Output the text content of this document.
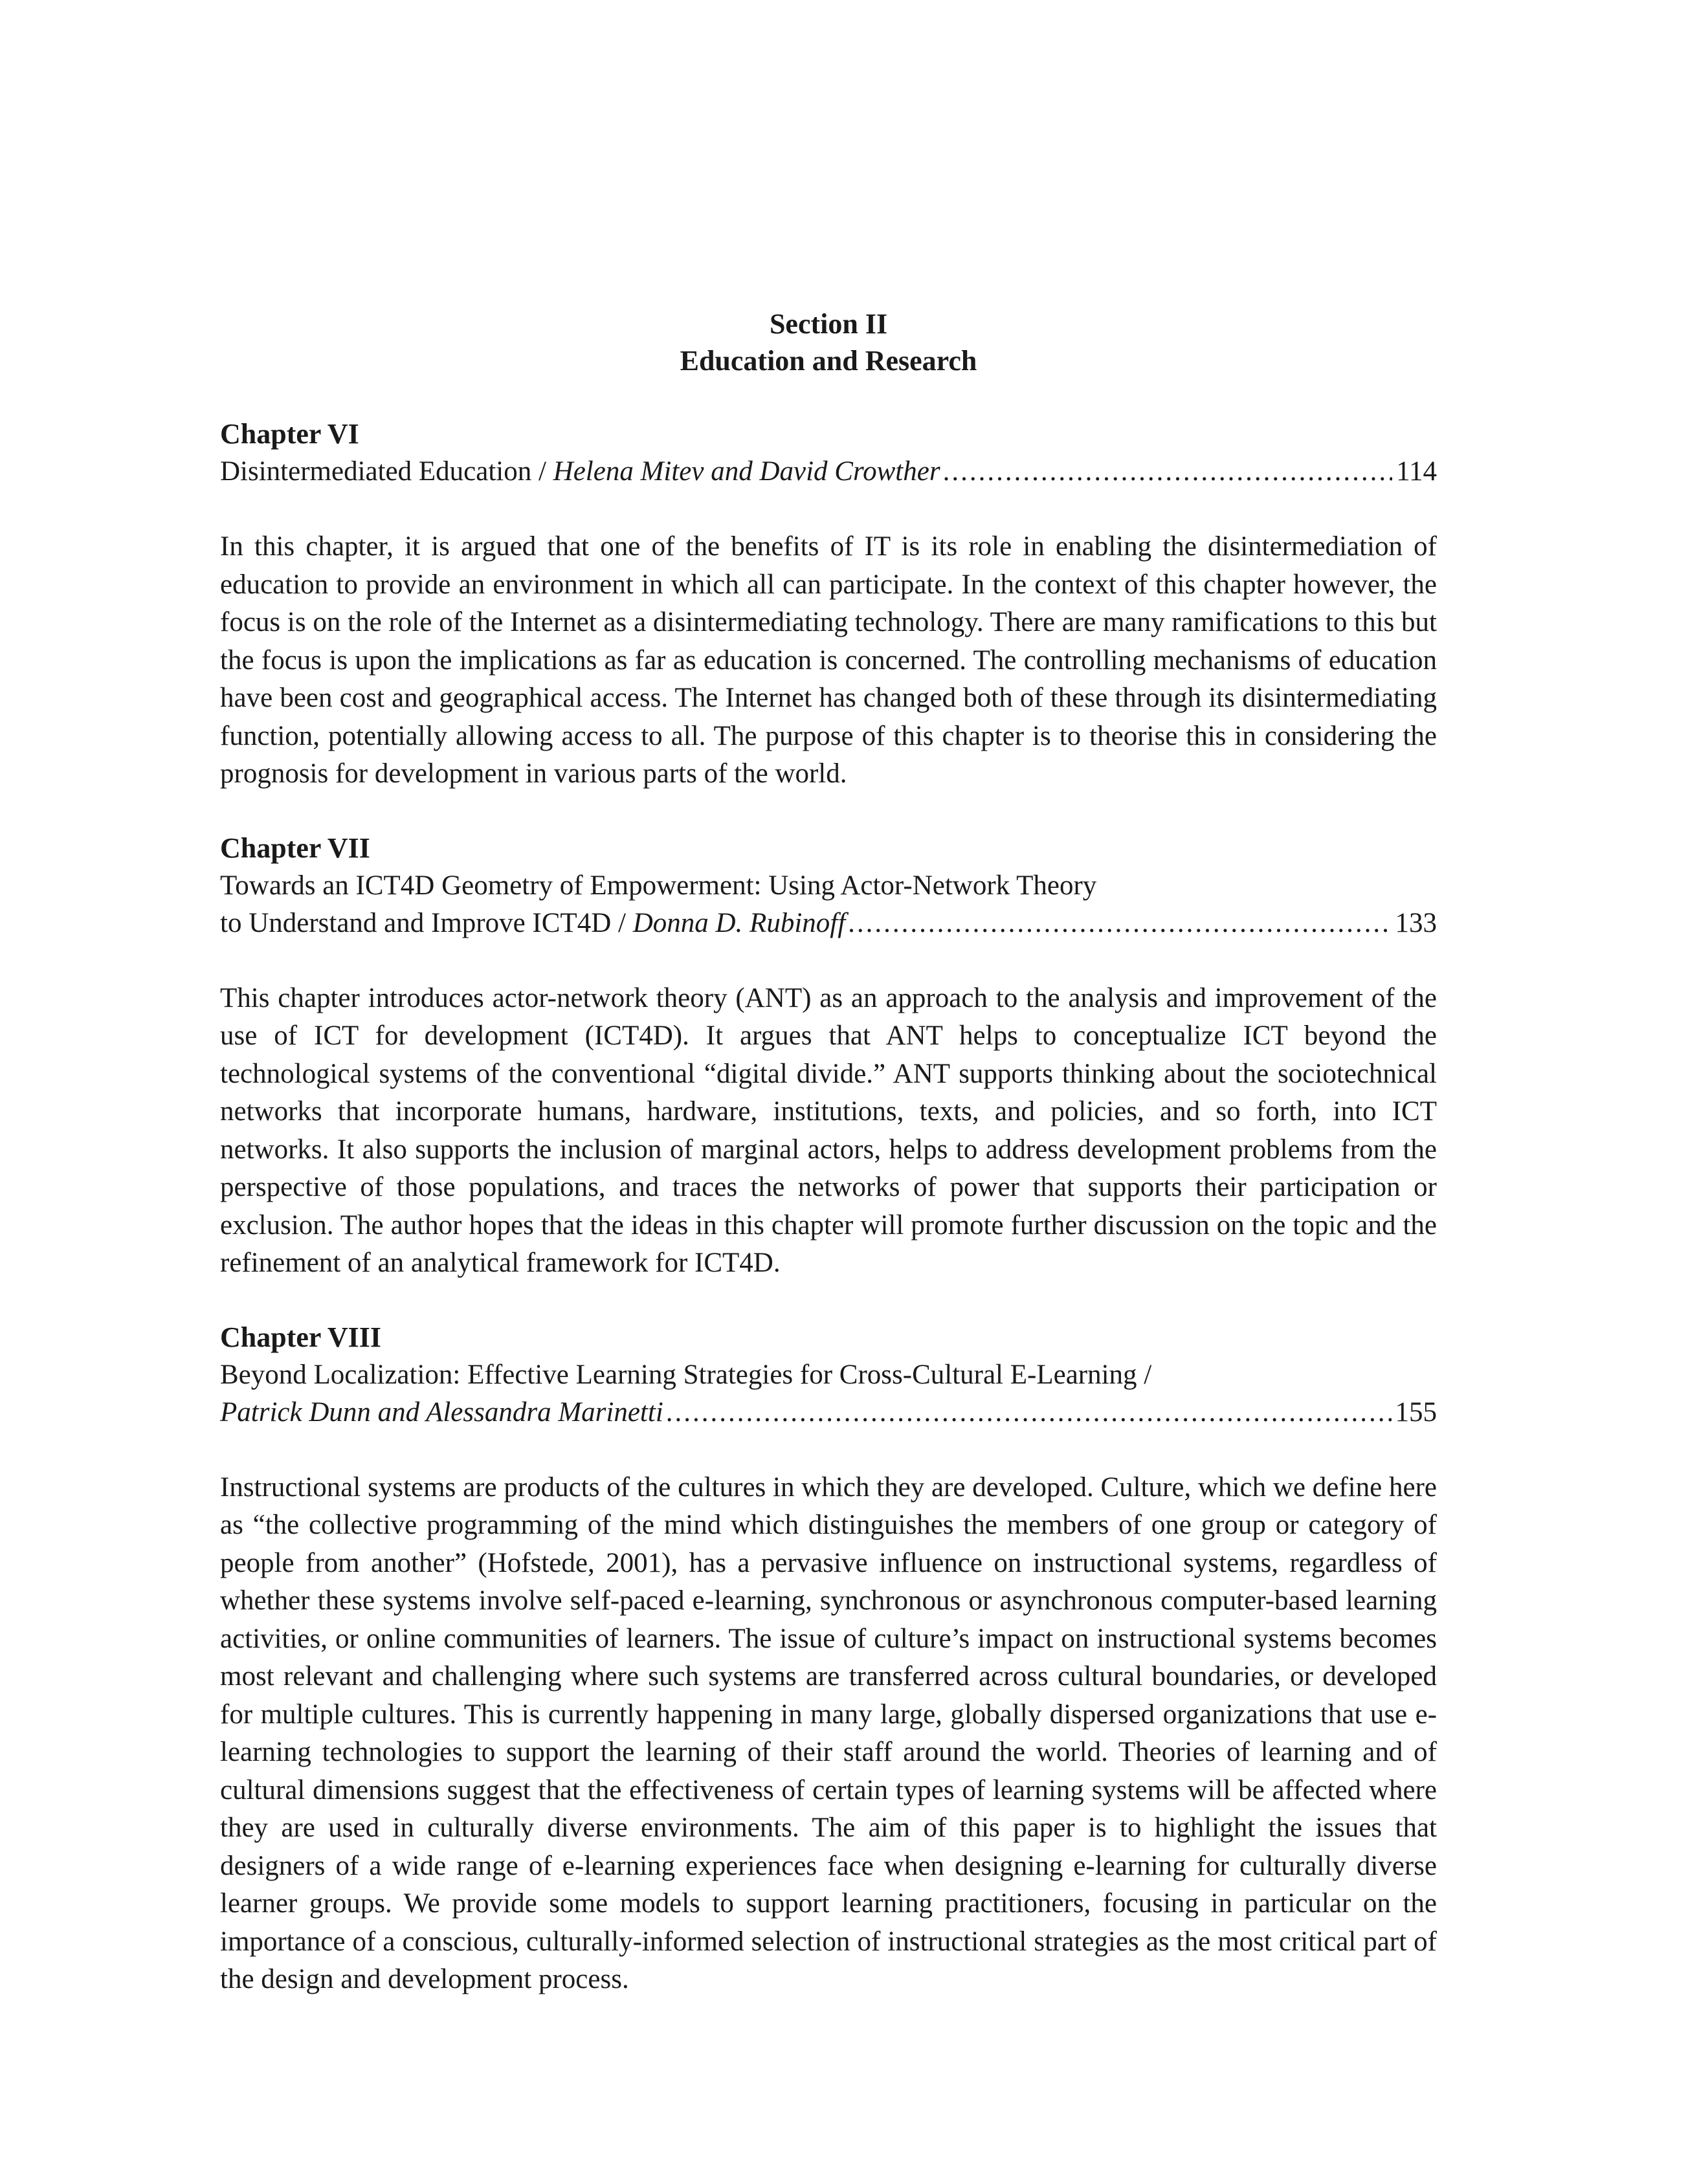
Section II
Education and Research
Chapter VI
Disintermediated Education / Helena Mitev and David Crowther .....	114

In this chapter, it is argued that one of the benefits of IT is its role in enabling the disintermediation of education to provide an environment in which all can participate. In the context of this chapter however, the focus is on the role of the Internet as a disintermediating technology. There are many ramifications to this but the focus is upon the implications as far as education is concerned. The controlling mechanisms of education have been cost and geographical access. The Internet has changed both of these through its disintermediating function, potentially allowing access to all. The purpose of this chapter is to theorise this in considering the prognosis for development in various parts of the world.

Chapter VII
Towards an ICT4D Geometry of Empowerment: Using Actor-Network Theory
to Understand and Improve ICT4D / Donna D. Rubinoff .....	133

This chapter introduces actor-network theory (ANT) as an approach to the analysis and improvement of the use of ICT for development (ICT4D). It argues that ANT helps to conceptualize ICT beyond the technological systems of the conventional “digital divide.” ANT supports thinking about the sociotechnical networks that incorporate humans, hardware, institutions, texts, and policies, and so forth, into ICT networks. It also supports the inclusion of marginal actors, helps to address development problems from the perspective of those populations, and traces the networks of power that supports their participation or exclusion. The author hopes that the ideas in this chapter will promote further discussion on the topic and the refinement of an analytical framework for ICT4D.

Chapter VIII
Beyond Localization: Effective Learning Strategies for Cross-Cultural E-Learning /
Patrick Dunn and Alessandra Marinetti .....	155

Instructional systems are products of the cultures in which they are developed. Culture, which we define here as “the collective programming of the mind which distinguishes the members of one group or category of people from another” (Hofstede, 2001), has a pervasive influence on instructional systems, regardless of whether these systems involve self-paced e-learning, synchronous or asynchronous computer-based learning activities, or online communities of learners. The issue of culture’s impact on instructional systems becomes most relevant and challenging where such systems are transferred across cultural boundaries, or developed for multiple cultures. This is currently happening in many large, globally dispersed organizations that use e-learning technologies to support the learning of their staff around the world. Theories of learning and of cultural dimensions suggest that the effectiveness of certain types of learning systems will be affected where they are used in culturally diverse environments. The aim of this paper is to highlight the issues that designers of a wide range of e-learning experiences face when designing e-learning for culturally diverse learner groups. We provide some models to support learning practitioners, focusing in particular on the importance of a conscious, culturally-informed selection of instructional strategies as the most critical part of the design and development process.
